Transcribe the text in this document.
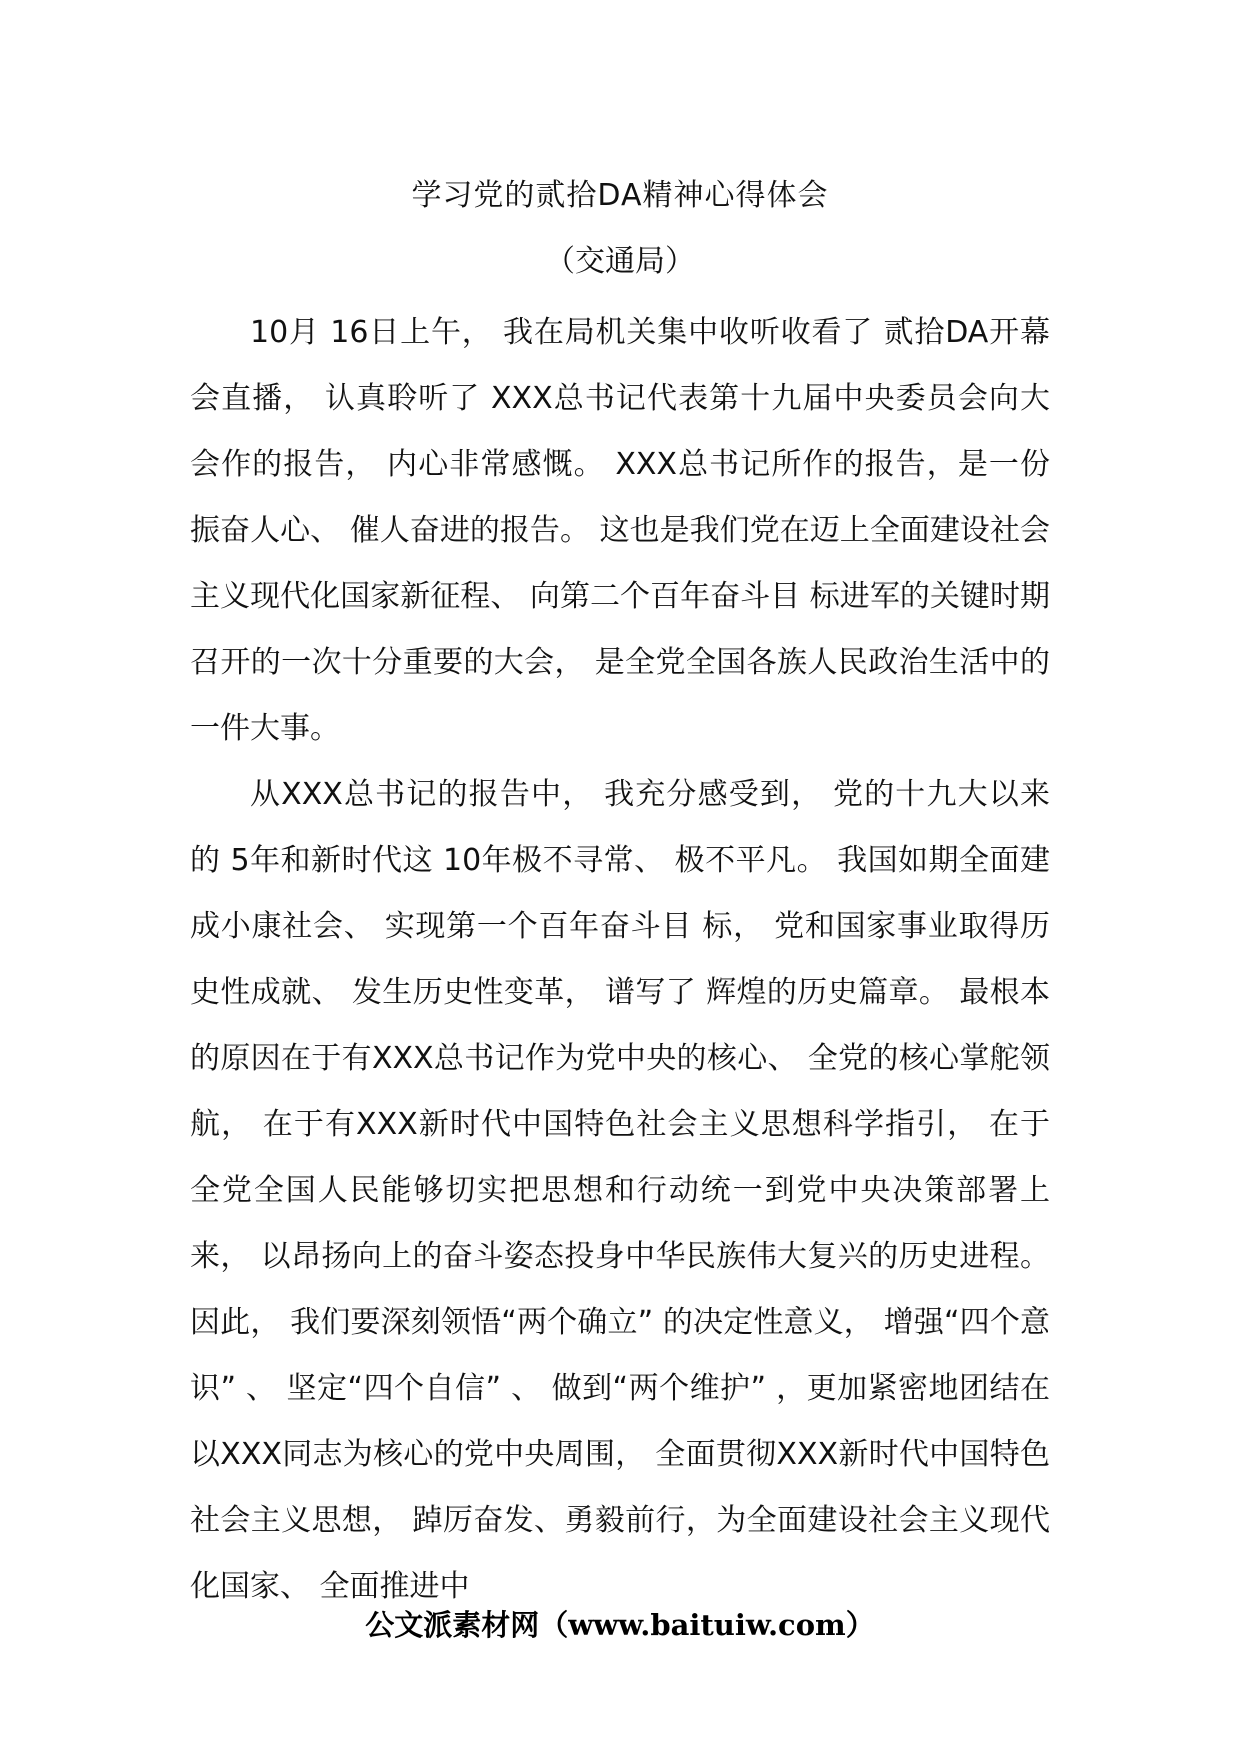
学习党的贰拾DA精神心得体会
（交通局）

10月 16日上午， 我在局机关集中收听收看了 贰拾DA开幕会直播， 认真聆听了 XXX总书记代表第十九届中央委员会向大会作的报告， 内心非常感慨。 XXX总书记所作的报告，是一份振奋人心、 催人奋进的报告。 这也是我们党在迈上全面建设社会主义现代化国家新征程、 向第二个百年奋斗目 标进军的关键时期召开的一次十分重要的大会， 是全党全国各族人民政治生活中的一件大事。

从XXX总书记的报告中， 我充分感受到， 党的十九大以来的 5年和新时代这 10年极不寻常、 极不平凡。 我国如期全面建成小康社会、 实现第一个百年奋斗目 标， 党和国家事业取得历史性成就、 发生历史性变革， 谱写了 辉煌的历史篇章。 最根本的原因在于有XXX总书记作为党中央的核心、 全党的核心掌舵领航， 在于有XXX新时代中国特色社会主义思想科学指引， 在于全党全国人民能够切实把思想和行动统一到党中央决策部署上来， 以昂扬向上的奋斗姿态投身中华民族伟大复兴的历史进程。 因此， 我们要深刻领悟“两个确立” 的决定性意义， 增强“四个意识” 、 坚定“四个自信” 、 做到“两个维护” ，更加紧密地团结在以XXX同志为核心的党中央周围， 全面贯彻XXX新时代中国特色社会主义思想， 踔厉奋发、勇毅前行，为全面建设社会主义现代化国家、 全面推进中

公文派素材网（www.baituiw.com）
